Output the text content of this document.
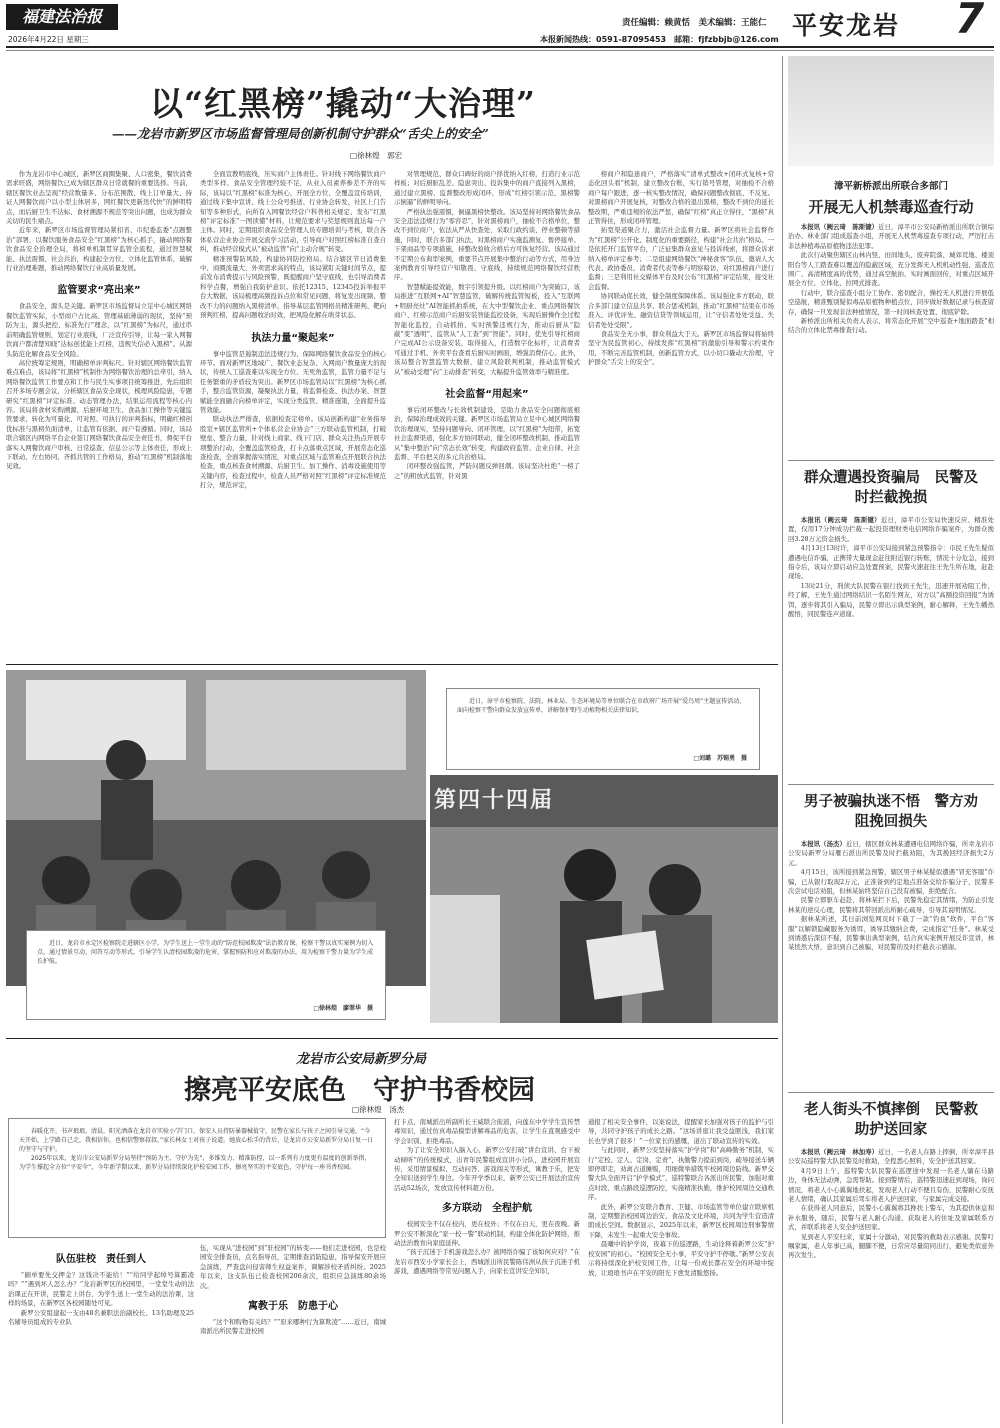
福建法治报
2026年4月22日 星期三
责任编辑：赖黄恬　美术编辑：王能仁
本报新闻热线：0591-87095453　邮箱：fjfzbbjb@126.com 平安龙岩 7
以“红黑榜”撬动“大治理”
——龙岩市新罗区市场监督管理局创新机制守护群众“舌尖上的安全”
□徐林煌　郭宏

作为龙岩市中心城区，新罗区商圈集聚、人口密集，餐饮消费需求旺盛，网络餐饮已成为辖区群众日常就餐的重要选择。当前，辖区餐饮业态呈现“经营数量多、分布范围散、线上订单量大、持证人网餐饮商户以小型主体居多，网红餐饮更新迭代快”的鲜明特点，而后厨卫生不达标、食材溯源不规范等突出问题，也成为群众关切的民生痛点。

近年来，新罗区市场监督管理局紧扣省、市纪委监委“点题整治”部署，以餐饮服务食品安全“红黑榜”为核心抓手，撬动网络餐饮食品安全治理全局，将榜单机制贯穿监管全流程，通过智慧赋能、执法震慑、社会共治，构建起全方位、立体化监管体系，破解行业治理难题，推动网络餐饮行业高质量发展。

监管要求“亮出来”

食品安全，源头是关键。新罗区市场监督局立足中心城区网络餐饮监管实际，小型商户占比高、管理基础薄弱的现状，坚持“预防为主，源头把控、标准先行”理念，以“红黑榜”为标尺，通过串前明确监管规则，划定行业底线，厂泛宣传引导，让每一家入网餐饮商户都清楚知晓“达标创优能上红榜，违规失信必入黑榜”。从源头防范化解食品安全风险。

高位统筹定规则，明确榜单评判标尺。针对辖区网络餐饮监管难点难点，该局将“红黑榜”机制作为网络餐饮治理的总牵引，纳入网络餐饮监管工作要点和工作与民生实事项目统筹推进，先后组织召开多场专题会议，分析辖区食品安全现状，梳理风险隐患，专题研究“红黑榜”评定标准、动态管理办法，结果运用流程等核心内容。该局将食材采购溯源、后厨环境卫生、食品加工操作等关键监管要求，转化为可量化、可对照、可执行的评判指标，明确红榜创优标准与黑榜负面清单，让监管有依据、商户有遵循。同时，该局联合辖区内网络平台企业签订网络餐饮食品安全责任书，督促平台落实入网餐饮商户审核、日常巡查、信息公示等主体责任，形成上下联动、左右协同、齐抓共管的工作格局，推动“红黑榜”机制落地见效。

全面宣教明底线，压实商户主体责任。针对线下网络餐饮商户类型多样、食品安全管理经验不足，从业人员素养参差不齐的实际，该局以“红黑榜”标准为核心，开展全方位、全覆盖宣传培训，通过线下集中宣讲、线上公众号推送、行业协会转发、社区上门告知等多种形式，向所有入网餐饮经营户科普相关规定、发布“红黑榜”评定标准”一图读懂”材料，让规范要求与奖惩规则直达每一户主体。同时，定期组织食品安全管理人员专题培训与考核，联合各体私营企业协会开展交流学习活动，引导商户对照红榜标准自查自纠，推动经营模式从“被动监管”向“主动合规”转变。

精准预警防风险，构建协同防控格局。结合辖区节日消费集中、商圈流量大、外卖需求高的特点，该局紧盯关键时间节点，提前发布消费提示与风险预警，既提醒商户坚守底线，也引导消费者科学点餐，增强自我防护意识。依托12315、12345投诉举报平台大数据，该局梳理高频投诉点位和常见问题，将复发出现频、整改不力的问题纳入黑榜清单，指导基层监管网格员精准研判、靶向预判红榜，提高问题收治时效，把风险化解在萌芽状态。

执法力量“聚起来”

事中监管是遏制违法违规行为、保障网络餐饮食品安全的核心环节。面对新罗区地域广、餐饮业态复杂、入网商户数量庞大的现状，传统人工巡查难以实现全方位、无死角监管，监管力量不足与任务繁重的矛盾较为突出。新罗区市场监管局以“红黑榜”为核心抓手，整合监管资源，凝聚执法力量，将监督检查、执法办案、智慧赋能全面融合向榜单评定，实现分类监管、精准施策，全面提升监管效能。

联动执法严排查，依据检查定榜单。该局创新构建“业务指导股室+辖区监管所+个体私营企业协会”三方联动监管机制，打破壁垒、整合力量，针对线上商家、线下门店、群众关注热点开展专项整治行动，全覆盖监管检查，打卡点落重点区域，开展常态化巡查检查，全面掌握落实情况，对重点区域与监管难点开展联合执法检查，重点核查食材溯源、后厨卫生、加工操作、消毒设施使用等关键内容，检查过程中，检查人员严格对照“红黑榜”评定标准规范打分，规范评定，

对管理规范、群众口碑好的商户择优纳入红榜，打造行业示范样板；对后厨脏乱差、隐患突出、投诉集中的商户直接列入黑榜，通过建立黑榜、监督整改形成闭环，形成“红榜引领示范，黑榜警示倒逼”的鲜明导向。

严格执法强震慑，倒逼黑榜快整改。该局坚持对网络餐饮食品安全违法违规行为“零容忍”，针对黑榜商户，抽检不合格单位，整改不到位商户，依法从严从快查处，采取行政约谈、停业整顿等措施，同时，联合多部门执法，对黑榜商户实施监测复、暂停接单、下架商品等专项措施，持整改验收合格后方可恢复经营。该局通过不定期公布典型案例，重要节点开展集中整治行动等方式，用身边案例教育引导经营户知敬畏、守底线，持续规范网络餐饮经营秩序。

智慧赋能提效能，数字引领提升级。以红榜商户为突破口，该局推进“互联网+AI”智慧监管，破解传统监管短板，投入“互联网+明厨亮灶”AI智能抓拍系统，在大中型餐饮企业、重点网络餐饮商户、红榜示范商户后厨安装智能监控设备，实现后厨操作全过程智能化监控，自动抓拍、实时预警违规行为，推动后厨从“隐蔽”变“透明”，监管从“人工查”到“智能”。同时，优先引导红榜商户完成AI公示设备安装，取得接入，打造数字化标杆，让消费者可通过手机、外卖平台查看后厨实时画面，增强消费信心。此外，该局整合智慧监管大数据，建立风险联判机制，推动监管模式从“被动受理”向“主动排查”转变，大幅提升监管效率与精准度。

社会监督“用起来”

事后闭环整改与长效机制建设，是助力食品安全问题彻底根治，保障治理成效的关键。新罗区市场监管局立足中心城区网络餐饮治理现实，坚持问题导向、闭环管理，以“红黑榜”为纽带，拓宽社会监督渠道，强化多方协同联动，健全闭环整改机制，推动监管从“集中整治”向“常态长效”转变，构建政府监管、企业自律、社会监督、平台把关的多元共治格局。

闭环整改强监管，严防问题反弹回潮。该局坚决杜绝“一榜了之”的粗放式监管，针对黑

榜商户和隐患商户，严格落实“清单式整改+闭环式复核+常态化回头看”机制，建立整改台账，实行销号管理，对抽检不合格商户每户跟进，逐一核实整改情况，确保问题整改彻底、不反复。对黑榜商户开展复核，对整改合格的退出黑榜，整改不到位的延长整改期，严重违规的依法严惩，确保“红榜”真正立得住，“黑榜”真正管得住，形成闭环管理。

拓宽渠道聚合力，激活社会监督力量。新罗区将社会监督作为“红黑榜”公开化、制度化的重要路径，构建“社会共治”格局。一是依托开门监管平台，广泛征集群众意见与投诉线索，将群众诉求纳入榜单评定参考；二是组建网络餐饮“神秘食客”队伍，邀请人大代表、政协委员、消费者代表等参与明察暗访，对红黑榜商户进行监督；三是利用社交媒体平台及时公布“红黑榜”评定结果，接受社会监督。

协同联动促长效，健全制度保障体系。该局强化多方联动，联合多部门建立信息共享、联合惩戒机制，推动“红黑榜”结果在市场准入、评优评先、融资信贷等领域运用，让“守信者处处受益、失信者处处受限”。

食品安全无小事，群众利益大于天。新罗区市场监督局将始终坚守为民监管初心，持续发挥“红黑榜”的激励引导和警示约束作用，不断完善监管机制，创新监管方式，以小切口撬动大治理，守护群众“舌尖上的安全”。

近日，龙岩市永定区检察院走进辖区小学，为学生送上一堂生动的“防范校园欺凌”法治教育课。检察干警以真实案例为切入点，通过情景互动、问答互动等形式，引导学生认清校园欺凌的危害，掌握预防和应对欺凌的办法，用为检察干警力量为学生成长护航。

□徐林煌　廖翠华　摄
第四十四届

近日，漳平市检察院、法院、林业局、生态环境局等单位联合在市政府广场开展“爱鸟周”主题宣传活动，面向检察干警向群众发放宣传单，讲解保护野生动植物相关法律知识。

□刘璐　苏锡勇　摄
龙岩市公安局新罗分局
擦亮平安底色　守护书香校园
□徐林煌　汤杰

春暖花开，书声琅琅。清晨，阳光洒落在龙岩市实验小学门口，保安人员持防暴器械值守，民警在家长与孩子之间引导交通，“今天开始，上学路自己走，我相信你，也相信警察叔叔。”家长林女士对孩子说道。她放心松手的背后，是龙岩市公安局新罗分局日复一日的坚守与守护。

2025年以来，龙岩市公安局新罗分局坚持“预防为主、守护为先”，多维发力、精准防控，以一系列有力度更有温度的创新举措，为学生撑起全方位“平安伞”，今年新学期以来，新罗分局持续深化护校安园工作，擦亮坚实的平安底色，守护每一座书香校园。

队伍驻校　责任到人

“刷单要先交押金？这钱决不能给！”“给同学起绰号算霸凌吗？”“遇到坏人怎么办？”龙岩新罗区的校园里，一堂堂生动的法治课正在开讲，民警走上讲台，为学生送上一堂生动的法治课，这样的场景，在新罗区各校园随处可见。

新罗公安组建起一支由48名兼职法治副校长、13名助理及25名辅导员组成的专业队

伍，实现从“进校园”到“驻校园”的转变——他们走进校园，也是校园安全排查员，点名指导员，定期排查消防隐患，指导保安开展应急演练，严查盘问侵害师生权益案件，调解涉校矛盾纠纷。2025年以来，这支队伍已检查校园206余次，组织应急演练80余场次。

寓教于乐　防患于心

“这个和购物有关吗？”“原来哪种行为算欺凌”……近日，南城南派出所民警走进校园

打卡点，南城派出所副所长王威联合街道，向莲东中学学生宣传禁毒知识，通过仿真毒品模型讲解毒品的危害，让学生在直观感受中学会识别、拒绝毒品。

为了让安全知识入脑入心，新罗公安打破“讲台宣讲、台下被动倾听”的传统模式，出青年民警组成宣讲小分队，进校园开展宣传，采用情景模拟、互动问答、游戏闯关等形式，寓教于乐，把安全知识送到学生身边。今年开学季以来，新罗公安已开展法治宣传活动52场次，发放宣传材料超万份。

多方联动　全程护航

校园安全不仅在校内，更在校外；不仅在白天，更在夜晚。新罗公安不断深化“家一校一警”联动机制，构建全体化防护网络，推动法治教育向家庭延伸。

“孩子沉迷于手机游戏怎么办？被网络诈骗了该如何应对？”在龙岩市西安小学家长会上，西城派出所民警陈伟洲从孩子沉迷手机游戏，遭遇网络等常见问题入手，向家长宣讲安全知识，

通报了相关安全事件，以案说法，提醒家长加强对孩子的监护与引导，共同守护孩子的成长之路。“这场讲座让我受益匪浅，我们家长也学到了很多！”一位家长的感慨，道出了联动宣传的实效。

与此同时，新罗公安坚持落实“护学岗”和“高峰勤务”机制，实行“定校、定人、定岗、定责”，执勤警力提前到岗，疏导接送车辆即停即走，劝离占道摊贩，用细微举措筑牢校园周边防线。新罗交警大队全面开启“护学模式”，巡特警联合各派出所民警，加强对重点时段、重点路段巡逻防控，实施精准执勤，维护校园周边交通秩序。

此外，新罗公安联合教育、卫健、市场监管等单位建立联席机制，定期整治校园周边治安、食品及文化环境，共同为学生营造清朗成长空间。数据显示，2025年以来，新罗区校园周边刑事警情下降，未发生一起重大安全事故。

晨曦中的护学岗，夜幕下的巡逻路，生动诠释着新罗公安“护校安园”的初心。“校园安全无小事，平安守护不停歇。”新罗公安表示将持续深化护校安园工作，让每一份成长都在安全的环境中绽放，让琅琅书声在平安的阳光下愈发清脆悠扬。

漳平新桥派出所联合多部门
开展无人机禁毒巡查行动

本报讯（阙云琦　陈斯键）近日，漳平市公安局新桥派出所联合镇综治办、林业部门组成巡查小组，开展无人机禁毒巡查专项行动，严厉打击非法种植毒品原植物违法犯罪。

此次行动聚焦辖区山林内竖、田间地头、废弃院落、城郊荒地、楼顶阳台等人工踏查难以覆盖的隐蔽区域，充分发挥无人机机动性强、巡查范围广、高清精度高的优势，通过高空航拍、实时画面回传，对重点区域开展全方位、立体化、拉网式排查。

行动中，联合巡查小组分工协作、密切配合，操控无人机进行开展低空巡航，精准甄别疑似毒品原植物种植点位，同步做好数据记录与核查留存，确保一旦发现非法种植情况，第一时间核查处置、彻底铲除。

新桥派出所相关负责人表示，将常态化开展“空中巡查+地面踏查”相结合的立体化禁毒排查行动。

群众遭遇投资骗局　民警及时拦截挽损

本报讯（阙云琦　陈斯键）近日，漳平市公安局快速反应、精准处置，仅用17分钟成功拦截一起投资理财类电信网络诈骗案件，为群众挽回3.28万元资金损失。

4月13日13时许，漳平市公安局接到紧急预警指令：市民王先生疑似遭遇电信诈骗，正携带大量现金赶往附近银行转账，情况十分危急，接到指令后，该局立即启动应急处置预案，民警火速赶往王先生所在地，赶赴现场。

13时21分，刑侦大队民警在银行找到王先生，迅速开展劝阻工作，经了解，王先生通过网络结识一名陌生网友，对方以“高额投资回报”为诱饵，逐步将其引入骗局，民警立即出示典型案例，耐心解释，王先生幡然醒悟，同民警连声道谢。

男子被骗执迷不悟　警方劝阻挽回损失

本报讯（汤杰）近日，辖区群众林某遭遇电信网络诈骗，所幸龙岩市公安局新罗分局雁石派出所民警及时拦截劝阻，为其挽回经济损失2万元。

4月15日，该所接到紧急预警，辖区男子林某疑似遭遇“冒充客服”诈骗，已从银行取现2万元，正准备到约定地点准备交给诈骗分子，民警多次尝试电话劝阻，但林某始终坚信自己没有被骗，拒绝配合。

民警立即驱车赶赴，将林某拦下后，民警先稳定其情绪，为防止引发林某的逆反心理，民警将其带回派出所耐心疏导，引导其说明情况。

据林某所述，其日前浏览网页时下载了一款“钓鱼”软件，平台“客服”以解锁隐藏服务为诱饵，诱导其缴纳会费，完成指定“任务”。林某受到诱惑后深信不疑，民警拿出典型案例，结合真实案例开展反诈宣讲，林某恍然大悟，意识到自己被骗，对民警的及时拦截表示感谢。

老人街头不慎摔倒　民警救助护送回家

本报讯（阙云琦　林加寿）近日，一名老人在路上摔倒，所幸漳平县公安局巡特警大队民警及时救助，全程悉心照料，安全护送其回家。

4月9日上午，巡特警大队民警在巡逻途中发现一名老人躺在马路边，身体无法动弹，急需帮助。接到警情后，巡特警迅速赶到现场，询问情况，将老人小心翼翼地扶起，发现老人行动不便且有伤，民警耐心安抚老人情绪，确认其家属后驾车将老人护送回家，与家属完成交接。

在获得老人同意后，民警小心翼翼将其搀扶上警车，为其提供休息和补水服务，随后，民警与老人耐心沟通，获取老人的住址及家属联系方式，并联系将老人安全护送回家。

见到老人平安归来，家属十分激动，对民警的救助表示感谢。民警叮嘱家属，老人年事已高，腿脚不便，日常应尽量陪同出行，避免类似意外再次发生。
